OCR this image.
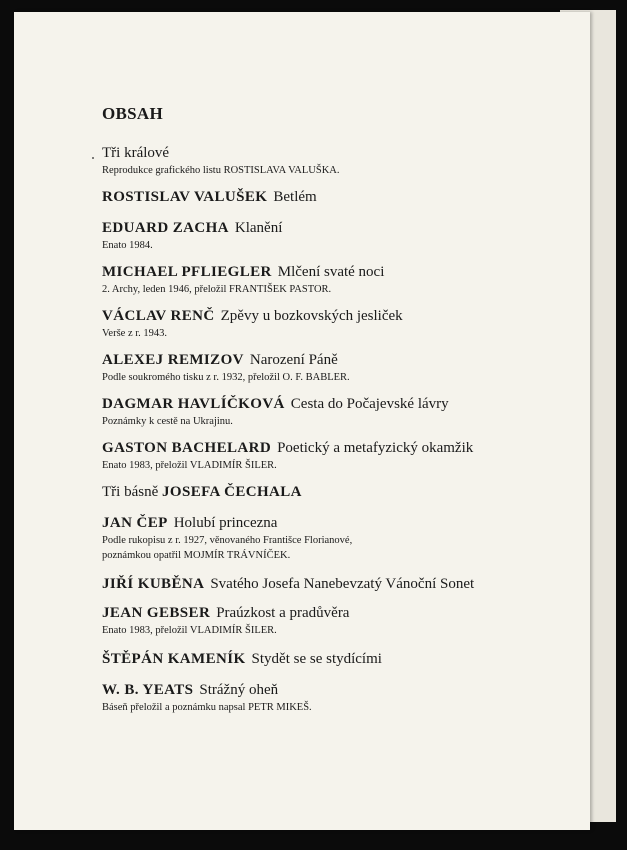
OBSAH
Tři králové
Reprodukce grafického listu ROSTISLAVA VALUŠKA.
ROSTISLAV VALUŠEK Betlém
EDUARD ZACHA Klanění
Enato 1984.
MICHAEL PFLIEGLER Mlčení svaté noci
2. Archy, leden 1946, přeložil FRANTIŠEK PASTOR.
VÁCLAV RENČ Zpěvy u bozkovských jesliček
Verše z r. 1943.
ALEXEJ REMIZOV Narození Páně
Podle soukromého tisku z r. 1932, přeložil O. F. BABLER.
DAGMAR HAVLÍČKOVÁ Cesta do Počajevské lávry
Poznámky k cestě na Ukrajinu.
GASTON BACHELARD Poetický a metafyzický okamžik
Enato 1983, přeložil VLADIMÍR ŠILER.
Tři básně JOSEFA ČECHALA
JAN ČEP Holubí princezna
Podle rukopisu z r. 1927, věnovaného Františce Florianové,
poznámkou opatřil MOJMÍR TRÁVNÍČEK.
JIŘÍ KUBĚNA Svatého Josefa Nanebevzatý Vánoční Sonet
JEAN GEBSER Praúzkost a pradůvěra
Enato 1983, přeložil VLADIMÍR ŠILER.
ŠTĚPÁN KAMENÍK Stydět se se stydícími
W. B. YEATS Strážný oheň
Báseň přeložil a poznámku napsal PETR MIKEŠ.
